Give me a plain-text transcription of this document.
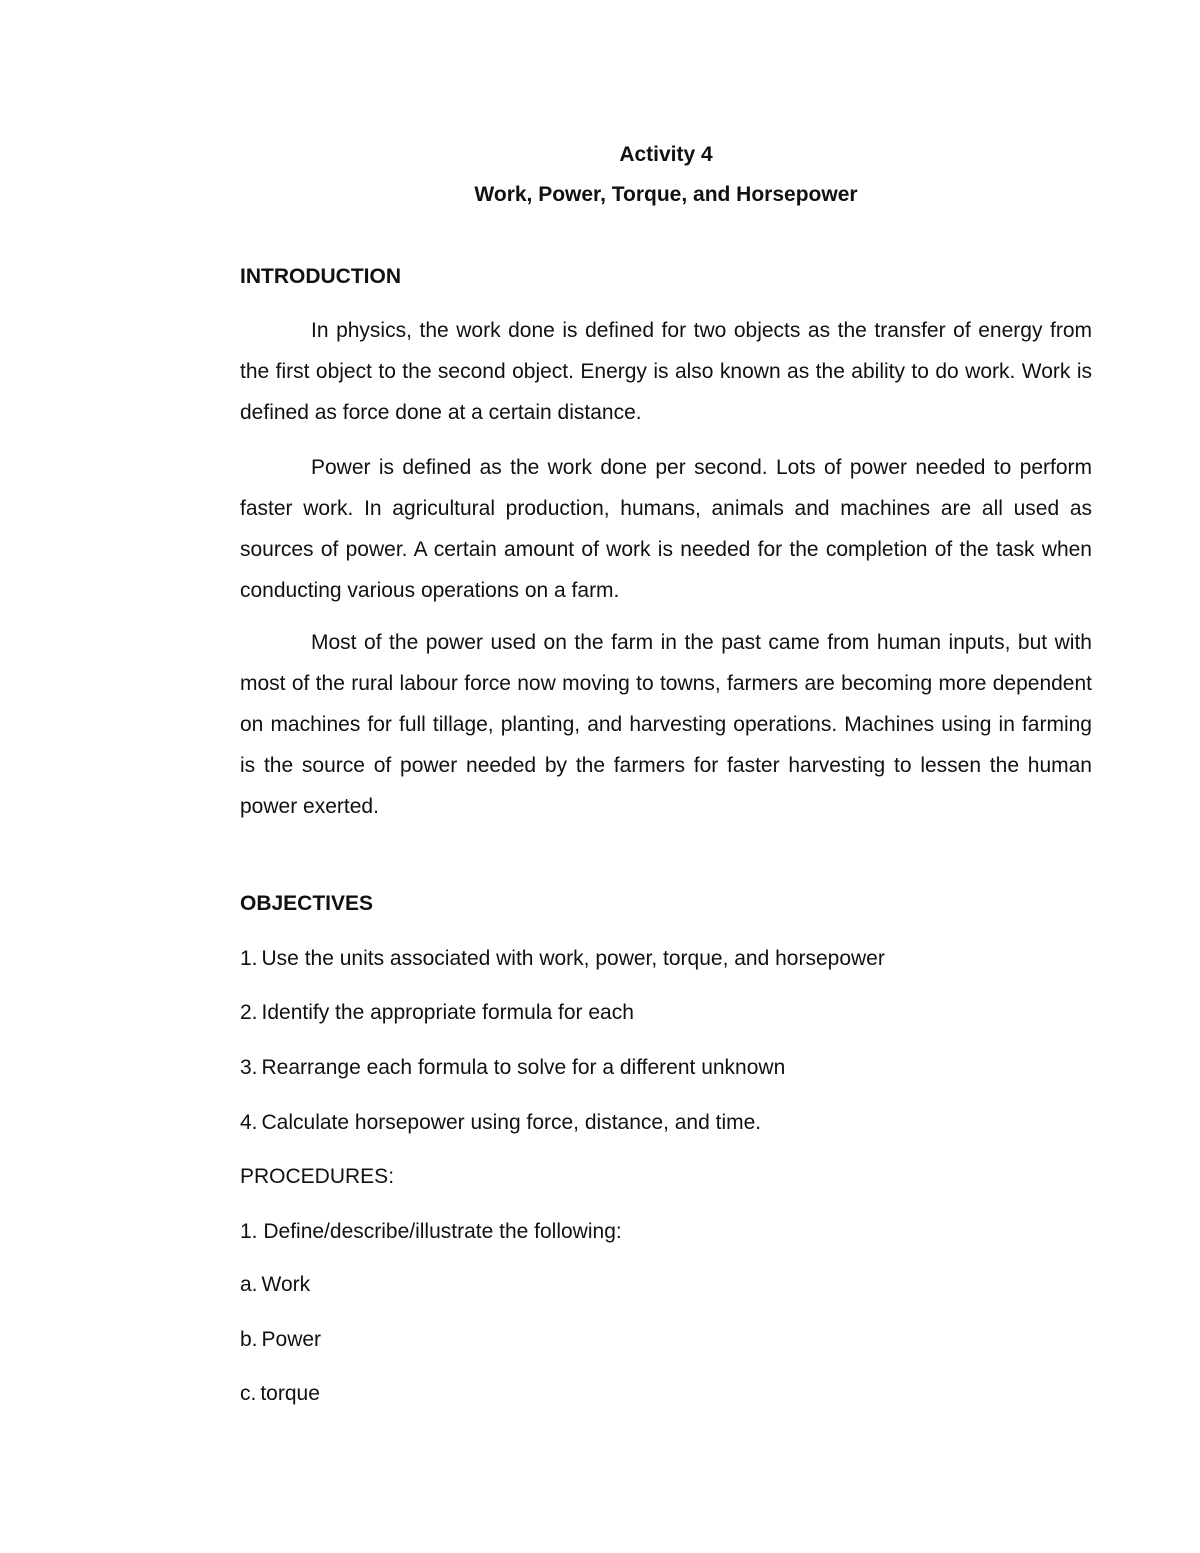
Activity 4
Work, Power, Torque, and Horsepower
INTRODUCTION

In physics, the work done is defined for two objects as the transfer of energy from the first object to the second object. Energy is also known as the ability to do work. Work is defined as force done at a certain distance.

Power is defined as the work done per second. Lots of power needed to perform faster work. In agricultural production, humans, animals and machines are all used as sources of power. A certain amount of work is needed for the completion of the task when conducting various operations on a farm.

Most of the power used on the farm in the past came from human inputs, but with most of the rural labour force now moving to towns, farmers are becoming more dependent on machines for full tillage, planting, and harvesting operations. Machines using in farming is the source of power needed by the farmers for faster harvesting to lessen the human power exerted.

OBJECTIVES
1. Use the units associated with work, power, torque, and horsepower
2. Identify the appropriate formula for each
3. Rearrange each formula to solve for a different unknown
4. Calculate horsepower using force, distance, and time.
PROCEDURES:
1. Define/describe/illustrate the following:
a. Work
b. Power
c. torque
